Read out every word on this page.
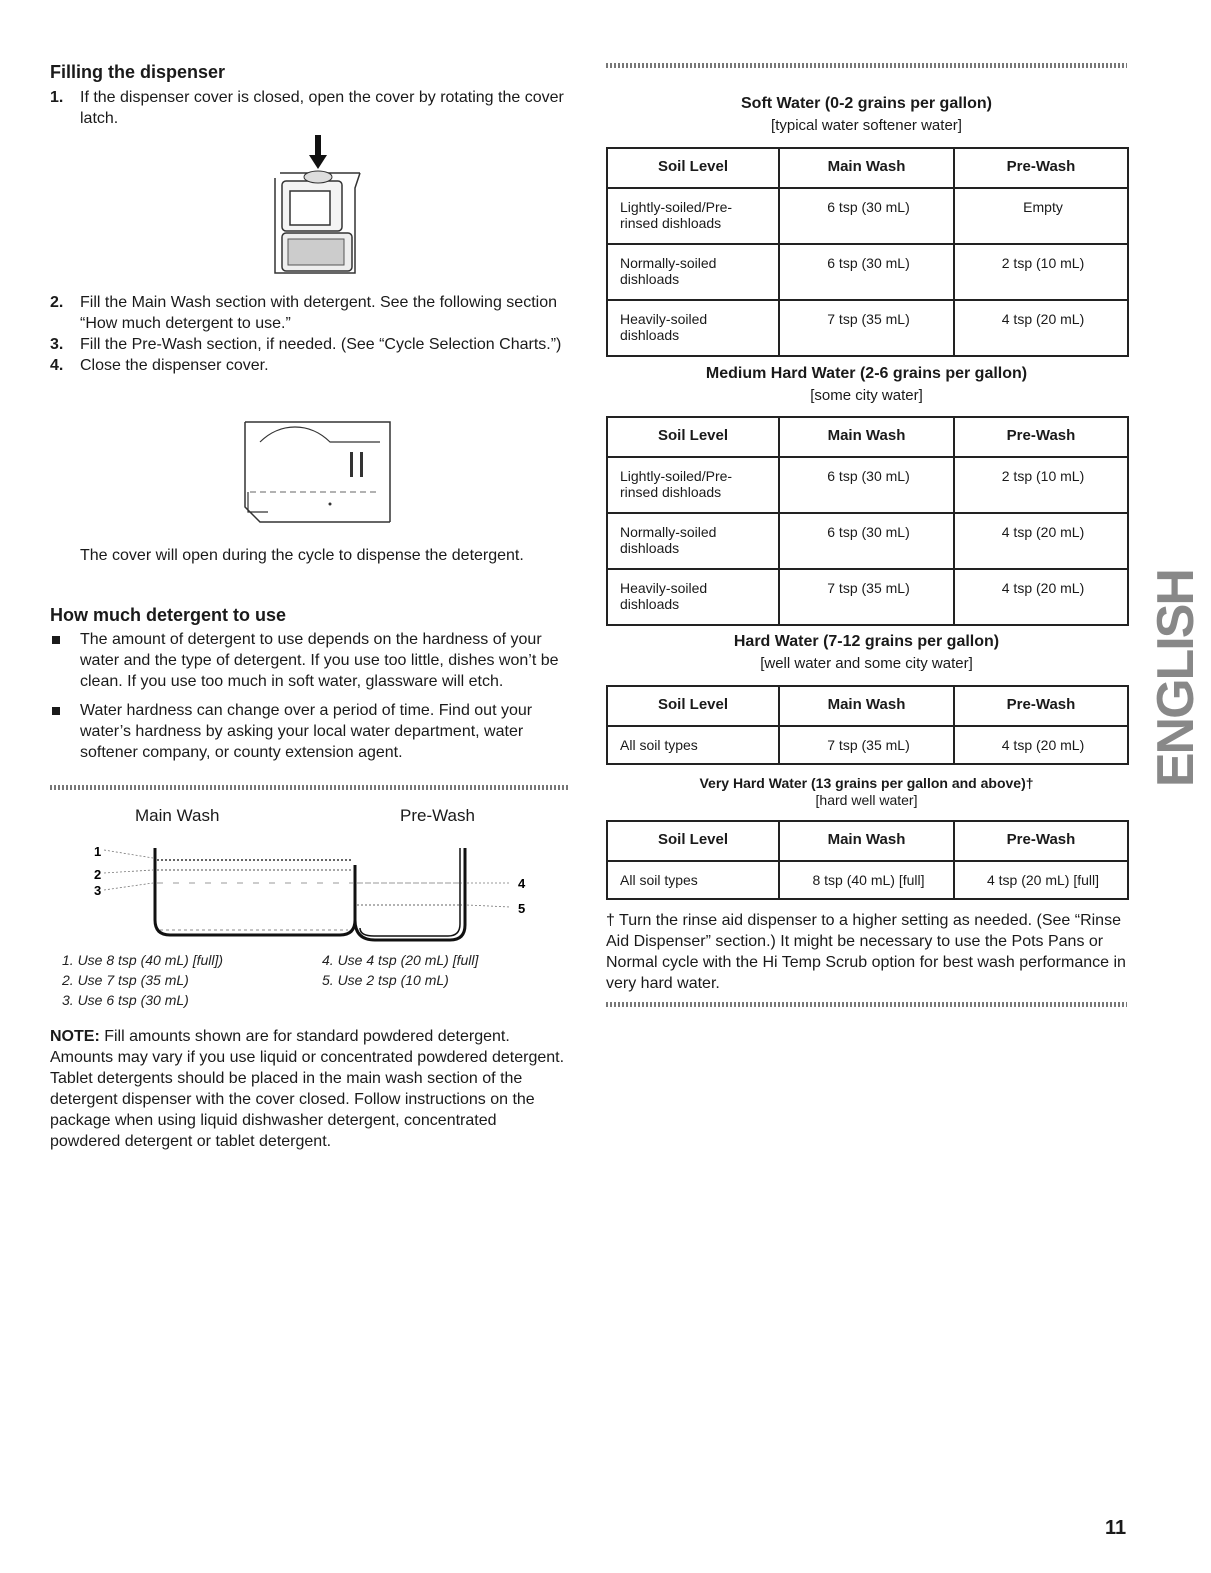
Filling the dispenser
1. If the dispenser cover is closed, open the cover by rotating the cover latch.
2. Fill the Main Wash section with detergent. See the following section “How much detergent to use.”
3. Fill the Pre-Wash section, if needed. (See “Cycle Selection Charts.”)
4. Close the dispenser cover.
The cover will open during the cycle to dispense the detergent.
How much detergent to use
The amount of detergent to use depends on the hardness of your water and the type of detergent. If you use too little, dishes won’t be clean. If you use too much in soft water, glassware will etch.
Water hardness can change over a period of time. Find out your water’s hardness by asking your local water department, water softener company, or county extension agent.
Main Wash	Pre-Wash
1
2
3	4
5
1. Use 8 tsp (40 mL) [full])
2. Use 7 tsp (35 mL)
3. Use 6 tsp (30 mL)
4. Use 4 tsp (20 mL) [full]
5. Use 2 tsp (10 mL)
NOTE: Fill amounts shown are for standard powdered detergent. Amounts may vary if you use liquid or concentrated powdered detergent. Tablet detergents should be placed in the main wash section of the detergent dispenser with the cover closed. Follow instructions on the package when using liquid dishwasher detergent, concentrated powdered detergent or tablet detergent.
Soft Water (0-2 grains per gallon)
[typical water softener water]
Soil Level	Main Wash	Pre-Wash
Lightly-soiled/Pre-rinsed dishloads	6 tsp (30 mL)	Empty
Normally-soiled dishloads	6 tsp (30 mL)	2 tsp (10 mL)
Heavily-soiled dishloads	7 tsp (35 mL)	4 tsp (20 mL)
Medium Hard Water (2-6 grains per gallon)
[some city water]
Soil Level	Main Wash	Pre-Wash
Lightly-soiled/Pre-rinsed dishloads	6 tsp (30 mL)	2 tsp (10 mL)
Normally-soiled dishloads	6 tsp (30 mL)	4 tsp (20 mL)
Heavily-soiled dishloads	7 tsp (35 mL)	4 tsp (20 mL)
Hard Water (7-12 grains per gallon)
[well water and some city water]
Soil Level	Main Wash	Pre-Wash
All soil types	7 tsp (35 mL)	4 tsp (20 mL)
Very Hard Water (13 grains per gallon and above)†
[hard well water]
Soil Level	Main Wash	Pre-Wash
All soil types	8 tsp (40 mL) [full]	4 tsp (20 mL) [full]
† Turn the rinse aid dispenser to a higher setting as needed. (See “Rinse Aid Dispenser” section.) It might be necessary to use the Pots Pans or Normal cycle with the Hi Temp Scrub option for best wash performance in very hard water.
ENGLISH
11
